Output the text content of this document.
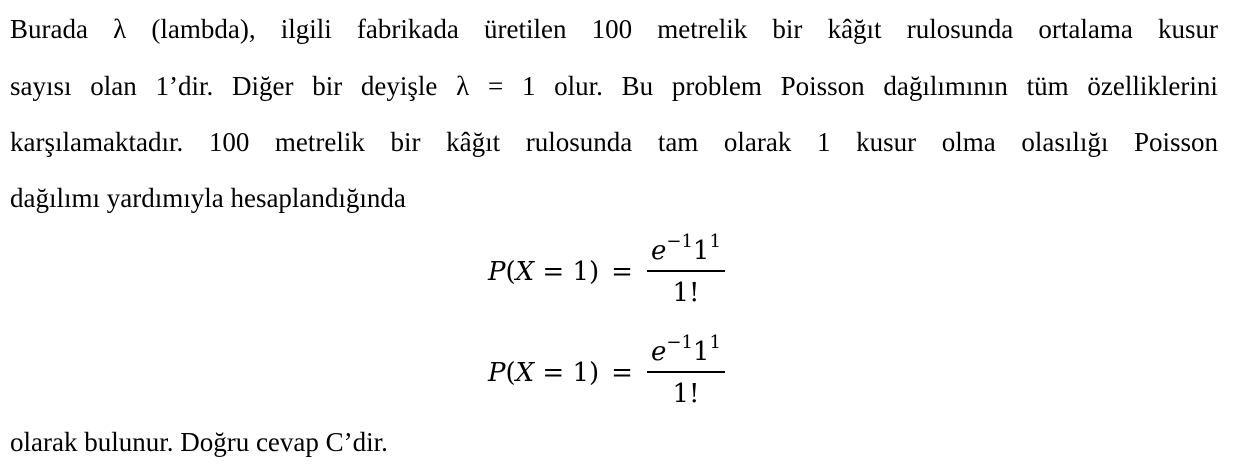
Burada λ (lambda), ilgili fabrikada üretilen 100 metrelik bir kâğıt rulosunda ortalama kusur
sayısı olan 1’dir. Diğer bir deyişle λ = 1 olur. Bu problem Poisson dağılımının tüm özelliklerini
karşılamaktadır. 100 metrelik bir kâğıt rulosunda tam olarak 1 kusur olma olasılığı Poisson
dağılımı yardımıyla hesaplandığında
$P(X = 1) = \frac{e^{-1}1^1}{1!}$
$P(X = 1) = \frac{e^{-1}1^1}{1!}$
olarak bulunur. Doğru cevap C’dir.
